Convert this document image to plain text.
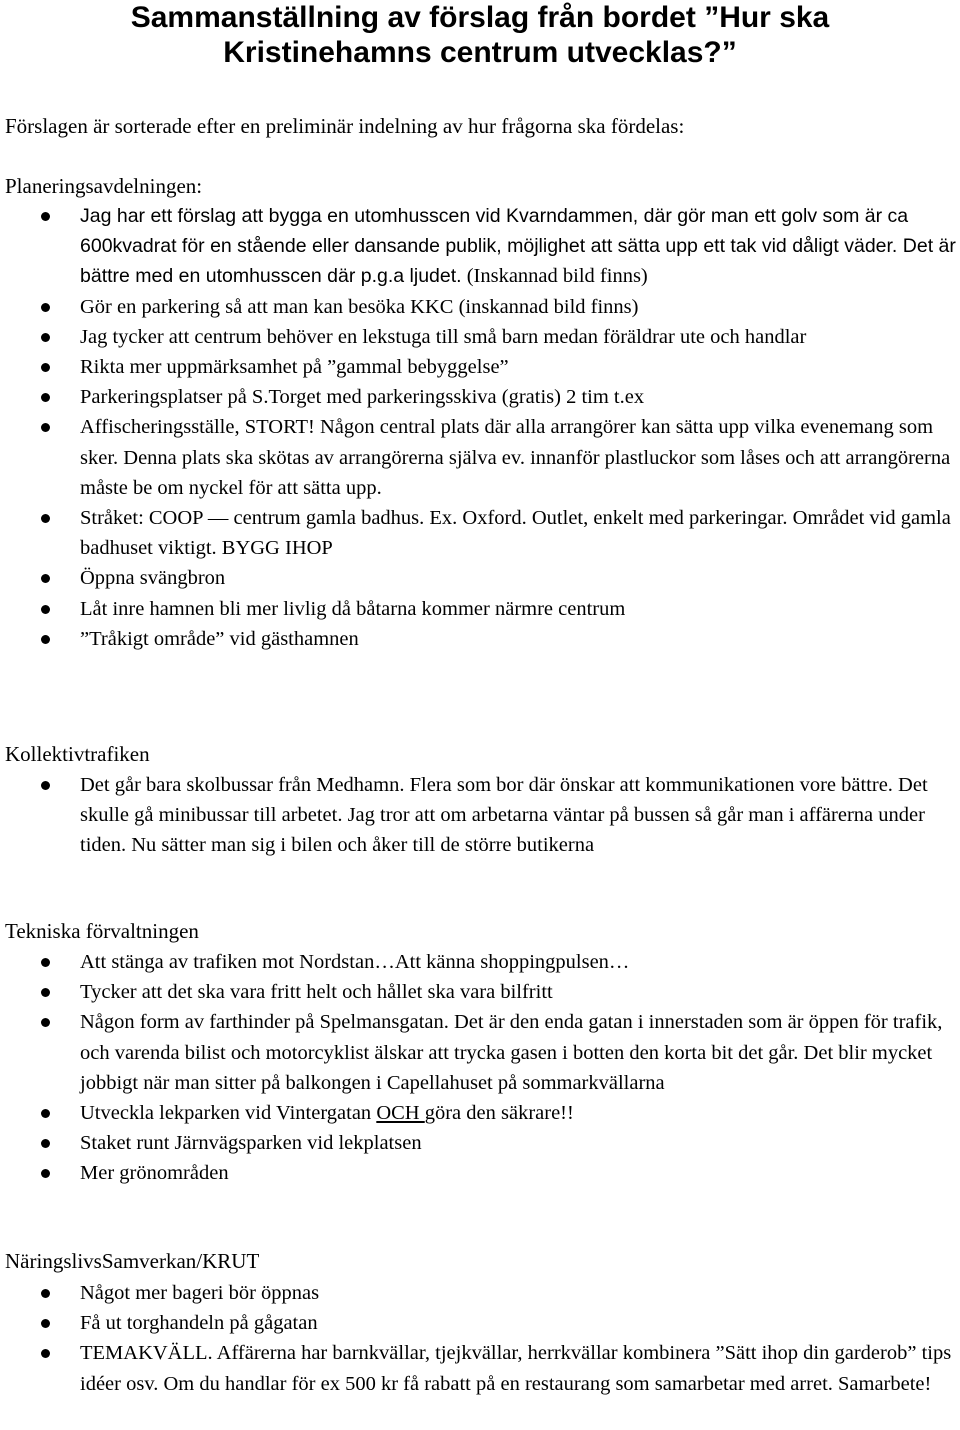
Sammanställning av förslag från bordet ”Hur ska
Kristinehamns centrum utvecklas?”
Förslagen är sorterade efter en preliminär indelning av hur frågorna ska fördelas:
Planeringsavdelningen:
Jag har ett förslag att bygga en utomhusscen vid Kvarndammen, där gör man ett golv som är ca 600kvadrat för en stående eller dansande publik, möjlighet att sätta upp ett tak vid dåligt väder. Det är bättre med en utomhusscen där p.g.a ljudet. (Inskannad bild finns)
Gör en parkering så att man kan besöka KKC (inskannad bild finns)
Jag tycker att centrum behöver en lekstuga till små barn medan föräldrar ute och handlar
Rikta mer uppmärksamhet på ”gammal bebyggelse”
Parkeringsplatser på S.Torget med parkeringsskiva (gratis) 2 tim t.ex
Affischeringsställe, STORT! Någon central plats där alla arrangörer kan sätta upp vilka evenemang som sker. Denna plats ska skötas av arrangörerna själva ev. innanför plastluckor som låses och att arrangörerna måste be om nyckel för att sätta upp.
Stråket: COOP — centrum gamla badhus. Ex. Oxford. Outlet, enkelt med parkeringar. Området vid gamla badhuset viktigt. BYGG IHOP
Öppna svängbron
Låt inre hamnen bli mer livlig då båtarna kommer närmre centrum
”Tråkigt område” vid gästhamnen
Kollektivtrafiken
Det går bara skolbussar från Medhamn. Flera som bor där önskar att kommunikationen vore bättre. Det skulle gå minibussar till arbetet. Jag tror att om arbetarna väntar på bussen så går man i affärerna under tiden. Nu sätter man sig i bilen och åker till de större butikerna
Tekniska förvaltningen
Att stänga av trafiken mot Nordstan…Att känna shoppingpulsen…
Tycker att det ska vara fritt helt och hållet ska vara bilfritt
Någon form av farthinder på Spelmansgatan. Det är den enda gatan i innerstaden som är öppen för trafik, och varenda bilist och motorcyklist älskar att trycka gasen i botten den korta bit det går. Det blir mycket jobbigt när man sitter på balkongen i Capellahuset på sommarkvällarna
Utveckla lekparken vid Vintergatan OCH göra den säkrare!!
Staket runt Järnvägsparken vid lekplatsen
Mer grönområden
NäringslivsSamverkan/KRUT
Något mer bageri bör öppnas
Få ut torghandeln på gågatan
TEMAKVÄLL. Affärerna har barnkvällar, tjejkvällar, herrkvällar kombinera ”Sätt ihop din garderob” tips idéer osv. Om du handlar för ex 500 kr få rabatt på en restaurang som samarbetar med arret. Samarbete!
